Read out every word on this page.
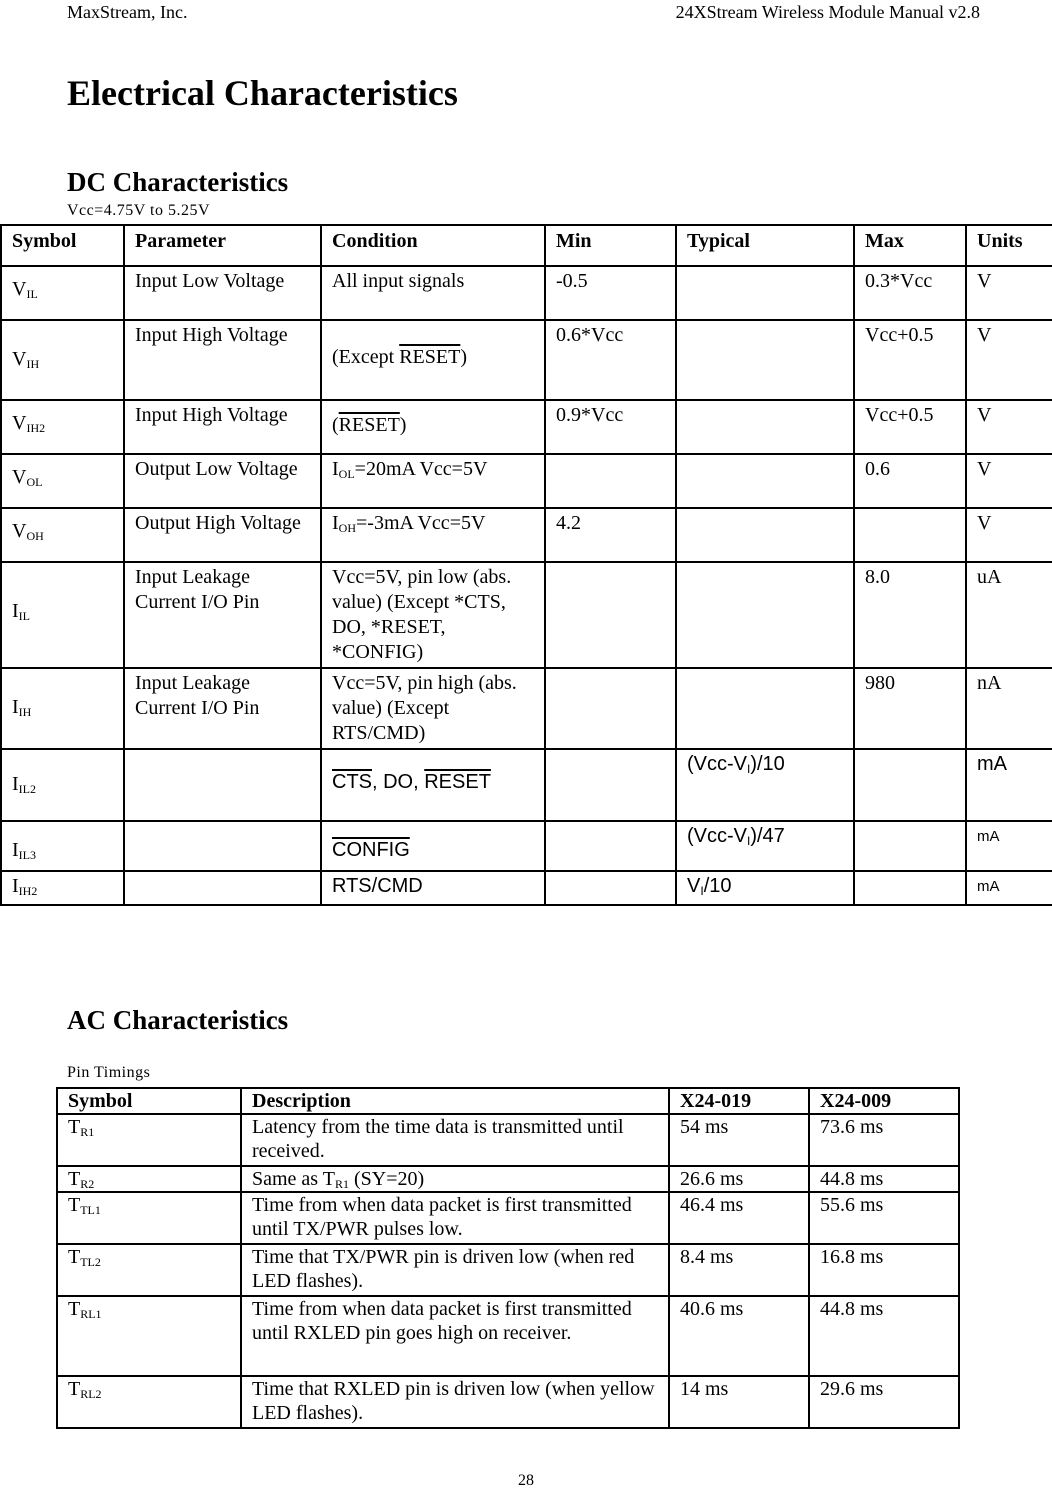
MaxStream, Inc.	24XStream Wireless Module Manual v2.8
Electrical Characteristics
DC Characteristics
Vcc=4.75V to 5.25V
Symbol	Parameter	Condition	Min	Typical	Max	Units
$V_{IL}$	Input Low Voltage	All input signals	-0.5		0.3*Vcc	V
$V_{IH}$	Input High Voltage	(Except RESET)	0.6*Vcc		Vcc+0.5	V
$V_{IH2}$	Input High Voltage	(RESET)	0.9*Vcc		Vcc+0.5	V
$V_{OL}$	Output Low Voltage	$I_{OL}=20mA$ Vcc=5V			0.6	V
$V_{OH}$	Output High Voltage	$I_{OH}=-3mA$ Vcc=5V	4.2			V
$I_{IL}$	Input Leakage Current I/O Pin	Vcc=5V, pin low (abs. value) (Except *CTS, DO, *RESET, *CONFIG)			8.0	uA
$I_{IH}$	Input Leakage Current I/O Pin	Vcc=5V, pin high (abs. value) (Except RTS/CMD)			980	nA
$I_{IL2}$		$\overline{CTS}$, DO, RESET		$(Vcc-V_I)/10$		mA
$I_{IL3}$		CONFIG		$(Vcc-V_I)/47$		mA
$I_{IH2}$		RTS/CMD		$V_I/10$		mA
AC Characteristics
Pin Timings
Symbol	Description	X24-019	X24-009
$T_{R1}$	Latency from the time data is transmitted until received.	54 ms	73.6 ms
$T_{R2}$	Same as $T_{R1}$ (SY=20)	26.6 ms	44.8 ms
$T_{TL1}$	Time from when data packet is first transmitted until TX/PWR pulses low.	46.4 ms	55.6 ms
$T_{TL2}$	Time that TX/PWR pin is driven low (when red LED flashes).	8.4 ms	16.8 ms
$T_{RL1}$	Time from when data packet is first transmitted until RXLED pin goes high on receiver.	40.6 ms	44.8 ms
$T_{RL2}$	Time that RXLED pin is driven low (when yellow LED flashes).	14 ms	29.6 ms
28
